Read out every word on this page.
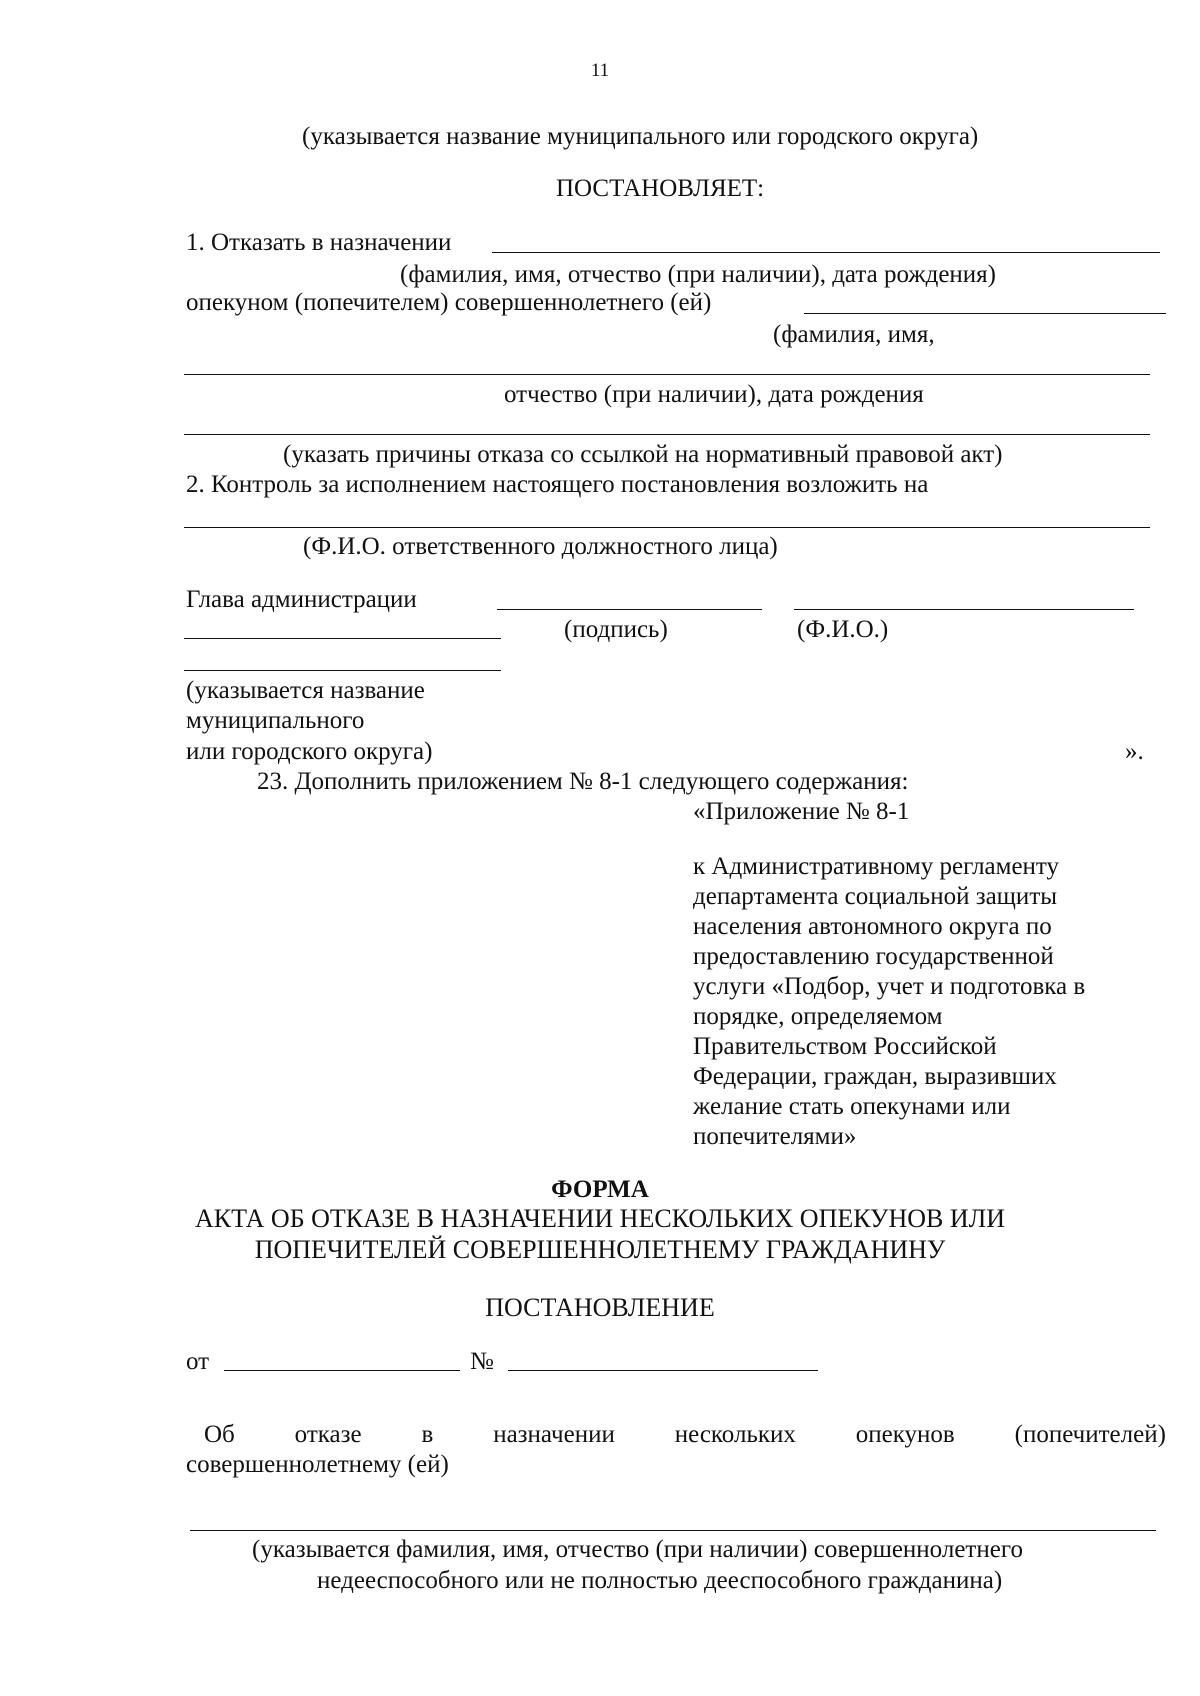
11
(указывается название муниципального или городского округа)
ПОСТАНОВЛЯЕТ:
1. Отказать в назначении
(фамилия, имя, отчество (при наличии), дата рождения)
опекуном (попечителем) совершеннолетнего (ей)
(фамилия, имя,
отчество (при наличии), дата рождения
(указать причины отказа со ссылкой на нормативный правовой акт)
2. Контроль за исполнением настоящего постановления возложить на
(Ф.И.О. ответственного должностного лица)
Глава администрации
(подпись)	(Ф.И.О.)
(указывается название
муниципального
или городского округа)	».
23. Дополнить приложением № 8-1 следующего содержания:
«Приложение № 8-1
к Административному регламенту
департамента социальной защиты
населения автономного округа по
предоставлению государственной
услуги «Подбор, учет и подготовка в
порядке, определяемом
Правительством Российской
Федерации, граждан, выразивших
желание стать опекунами или
попечителями»
ФОРМА
АКТА ОБ ОТКАЗЕ В НАЗНАЧЕНИИ НЕСКОЛЬКИХ ОПЕКУНОВ ИЛИ
ПОПЕЧИТЕЛЕЙ СОВЕРШЕННОЛЕТНЕМУ ГРАЖДАНИНУ
ПОСТАНОВЛЕНИЕ
от	№
Об отказе в назначении нескольких опекунов (попечителей)
совершеннолетнему (ей)
(указывается фамилия, имя, отчество (при наличии) совершеннолетнего
недееспособного или не полностью дееспособного гражданина)
